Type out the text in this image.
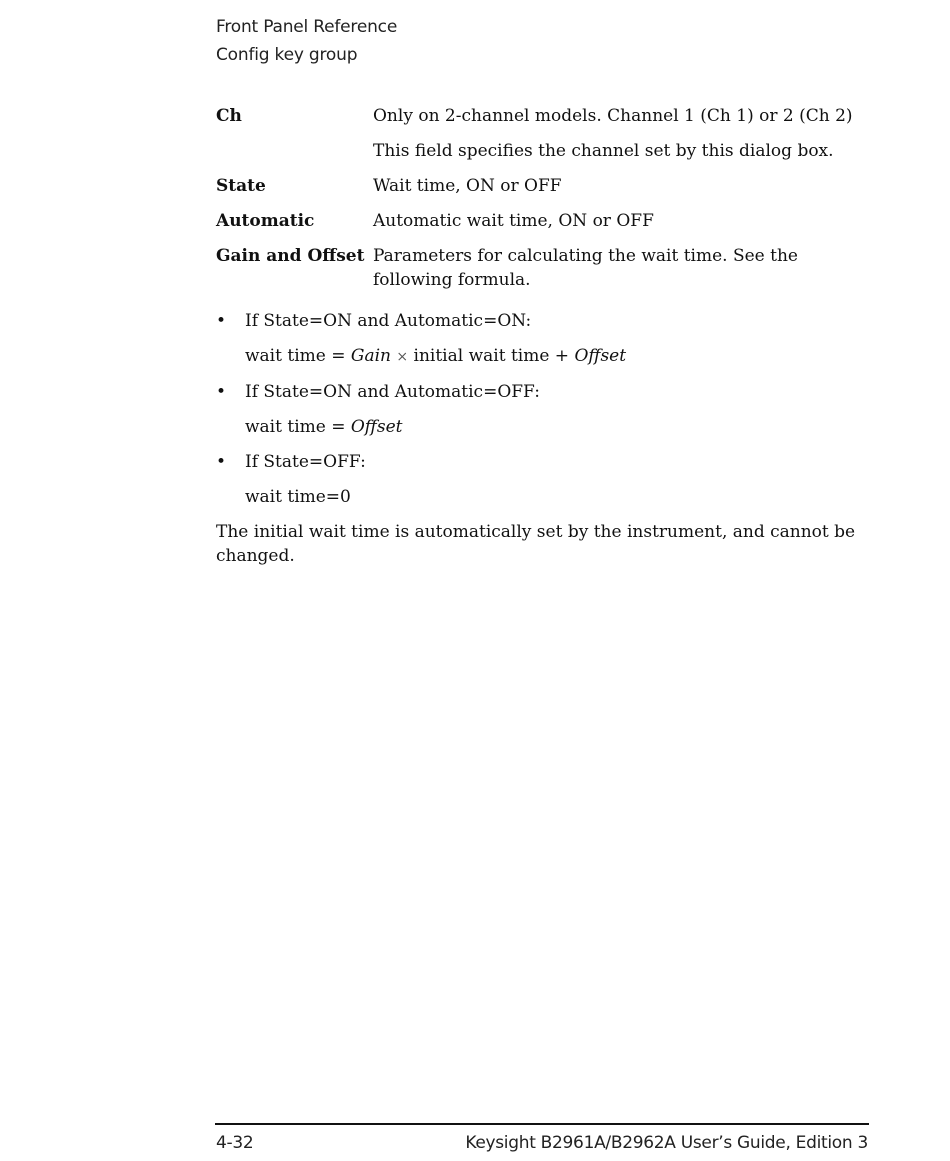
Front Panel Reference
Config key group
Ch	Only on 2-channel models. Channel 1 (Ch 1) or 2 (Ch 2)
	This field specifies the channel set by this dialog box.
State	Wait time, ON or OFF
Automatic	Automatic wait time, ON or OFF
Gain and Offset	Parameters for calculating the wait time. See the following formula.
• If State=ON and Automatic=ON:
wait time = Gain × initial wait time + Offset
• If State=ON and Automatic=OFF:
wait time = Offset
• If State=OFF:
wait time=0
The initial wait time is automatically set by the instrument, and cannot be changed.
4-32	Keysight B2961A/B2962A User’s Guide, Edition 3
